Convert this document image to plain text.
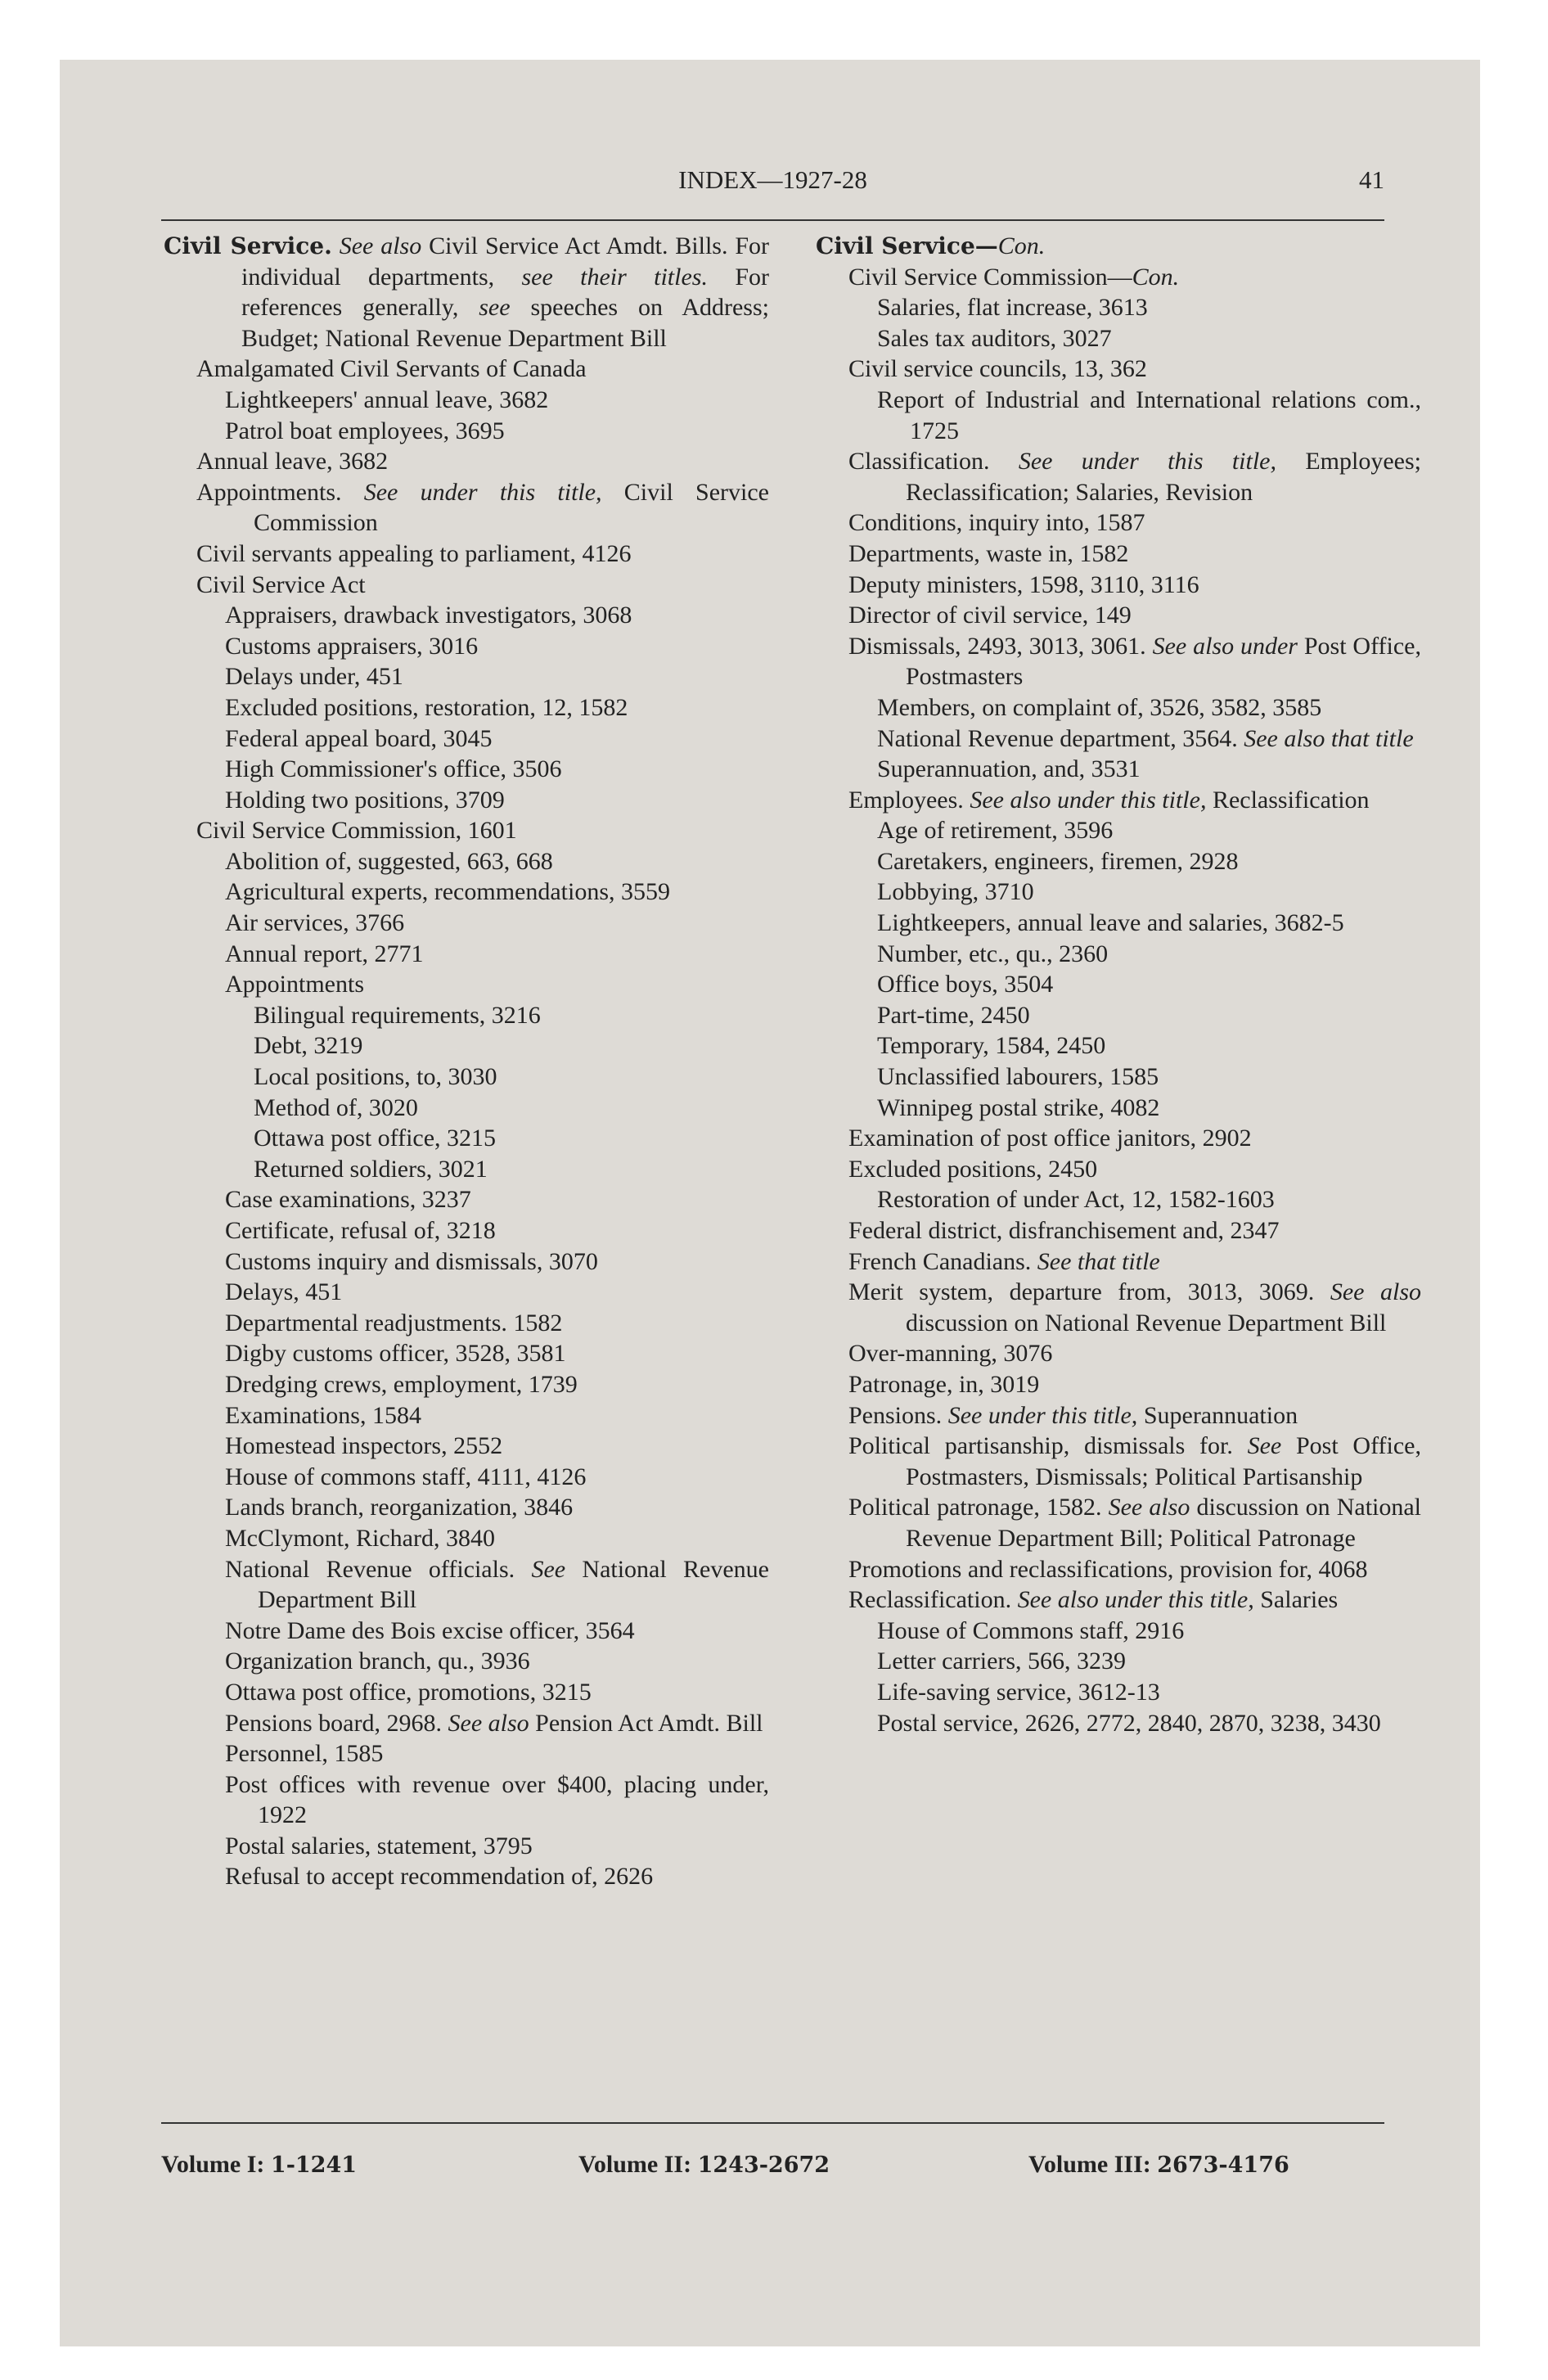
INDEX—1927-28	41

Civil Service. See also Civil Service Act Amdt. Bills. For individual departments, see their titles. For references generally, see speeches on Address; Budget; National Revenue Department Bill

Amalgamated Civil Servants of Canada

Lightkeepers' annual leave, 3682

Patrol boat employees, 3695

Annual leave, 3682

Appointments. See under this title, Civil Service Commission

Civil servants appealing to parliament, 4126

Civil Service Act

Appraisers, drawback investigators, 3068

Customs appraisers, 3016

Delays under, 451

Excluded positions, restoration, 12, 1582

Federal appeal board, 3045

High Commissioner's office, 3506

Holding two positions, 3709

Civil Service Commission, 1601

Abolition of, suggested, 663, 668

Agricultural experts, recommendations, 3559

Air services, 3766

Annual report, 2771

Appointments

Bilingual requirements, 3216

Debt, 3219

Local positions, to, 3030

Method of, 3020

Ottawa post office, 3215

Returned soldiers, 3021

Case examinations, 3237

Certificate, refusal of, 3218

Customs inquiry and dismissals, 3070

Delays, 451

Departmental readjustments. 1582

Digby customs officer, 3528, 3581

Dredging crews, employment, 1739

Examinations, 1584

Homestead inspectors, 2552

House of commons staff, 4111, 4126

Lands branch, reorganization, 3846

McClymont, Richard, 3840

National Revenue officials. See National Revenue Department Bill

Notre Dame des Bois excise officer, 3564

Organization branch, qu., 3936

Ottawa post office, promotions, 3215

Pensions board, 2968. See also Pension Act Amdt. Bill

Personnel, 1585

Post offices with revenue over $400, placing under, 1922

Postal salaries, statement, 3795

Refusal to accept recommendation of, 2626

Civil Service—Con.

Civil Service Commission—Con.

Salaries, flat increase, 3613

Sales tax auditors, 3027

Civil service councils, 13, 362

Report of Industrial and International relations com., 1725

Classification. See under this title, Employees; Reclassification; Salaries, Revision

Conditions, inquiry into, 1587

Departments, waste in, 1582

Deputy ministers, 1598, 3110, 3116

Director of civil service, 149

Dismissals, 2493, 3013, 3061. See also under Post Office, Postmasters

Members, on complaint of, 3526, 3582, 3585

National Revenue department, 3564. See also that title

Superannuation, and, 3531

Employees. See also under this title, Reclassification

Age of retirement, 3596

Caretakers, engineers, firemen, 2928

Lobbying, 3710

Lightkeepers, annual leave and salaries, 3682-5

Number, etc., qu., 2360

Office boys, 3504

Part-time, 2450

Temporary, 1584, 2450

Unclassified labourers, 1585

Winnipeg postal strike, 4082

Examination of post office janitors, 2902

Excluded positions, 2450

Restoration of under Act, 12, 1582-1603

Federal district, disfranchisement and, 2347

French Canadians. See that title

Merit system, departure from, 3013, 3069. See also discussion on National Revenue Department Bill

Over-manning, 3076

Patronage, in, 3019

Pensions. See under this title, Superannuation

Political partisanship, dismissals for. See Post Office, Postmasters, Dismissals; Political Partisanship

Political patronage, 1582. See also discussion on National Revenue Department Bill; Political Patronage

Promotions and reclassifications, provision for, 4068

Reclassification. See also under this title, Salaries

House of Commons staff, 2916

Letter carriers, 566, 3239

Life-saving service, 3612-13

Postal service, 2626, 2772, 2840, 2870, 3238, 3430

Volume I: 1-1241	Volume II: 1243-2672	Volume III: 2673-4176
